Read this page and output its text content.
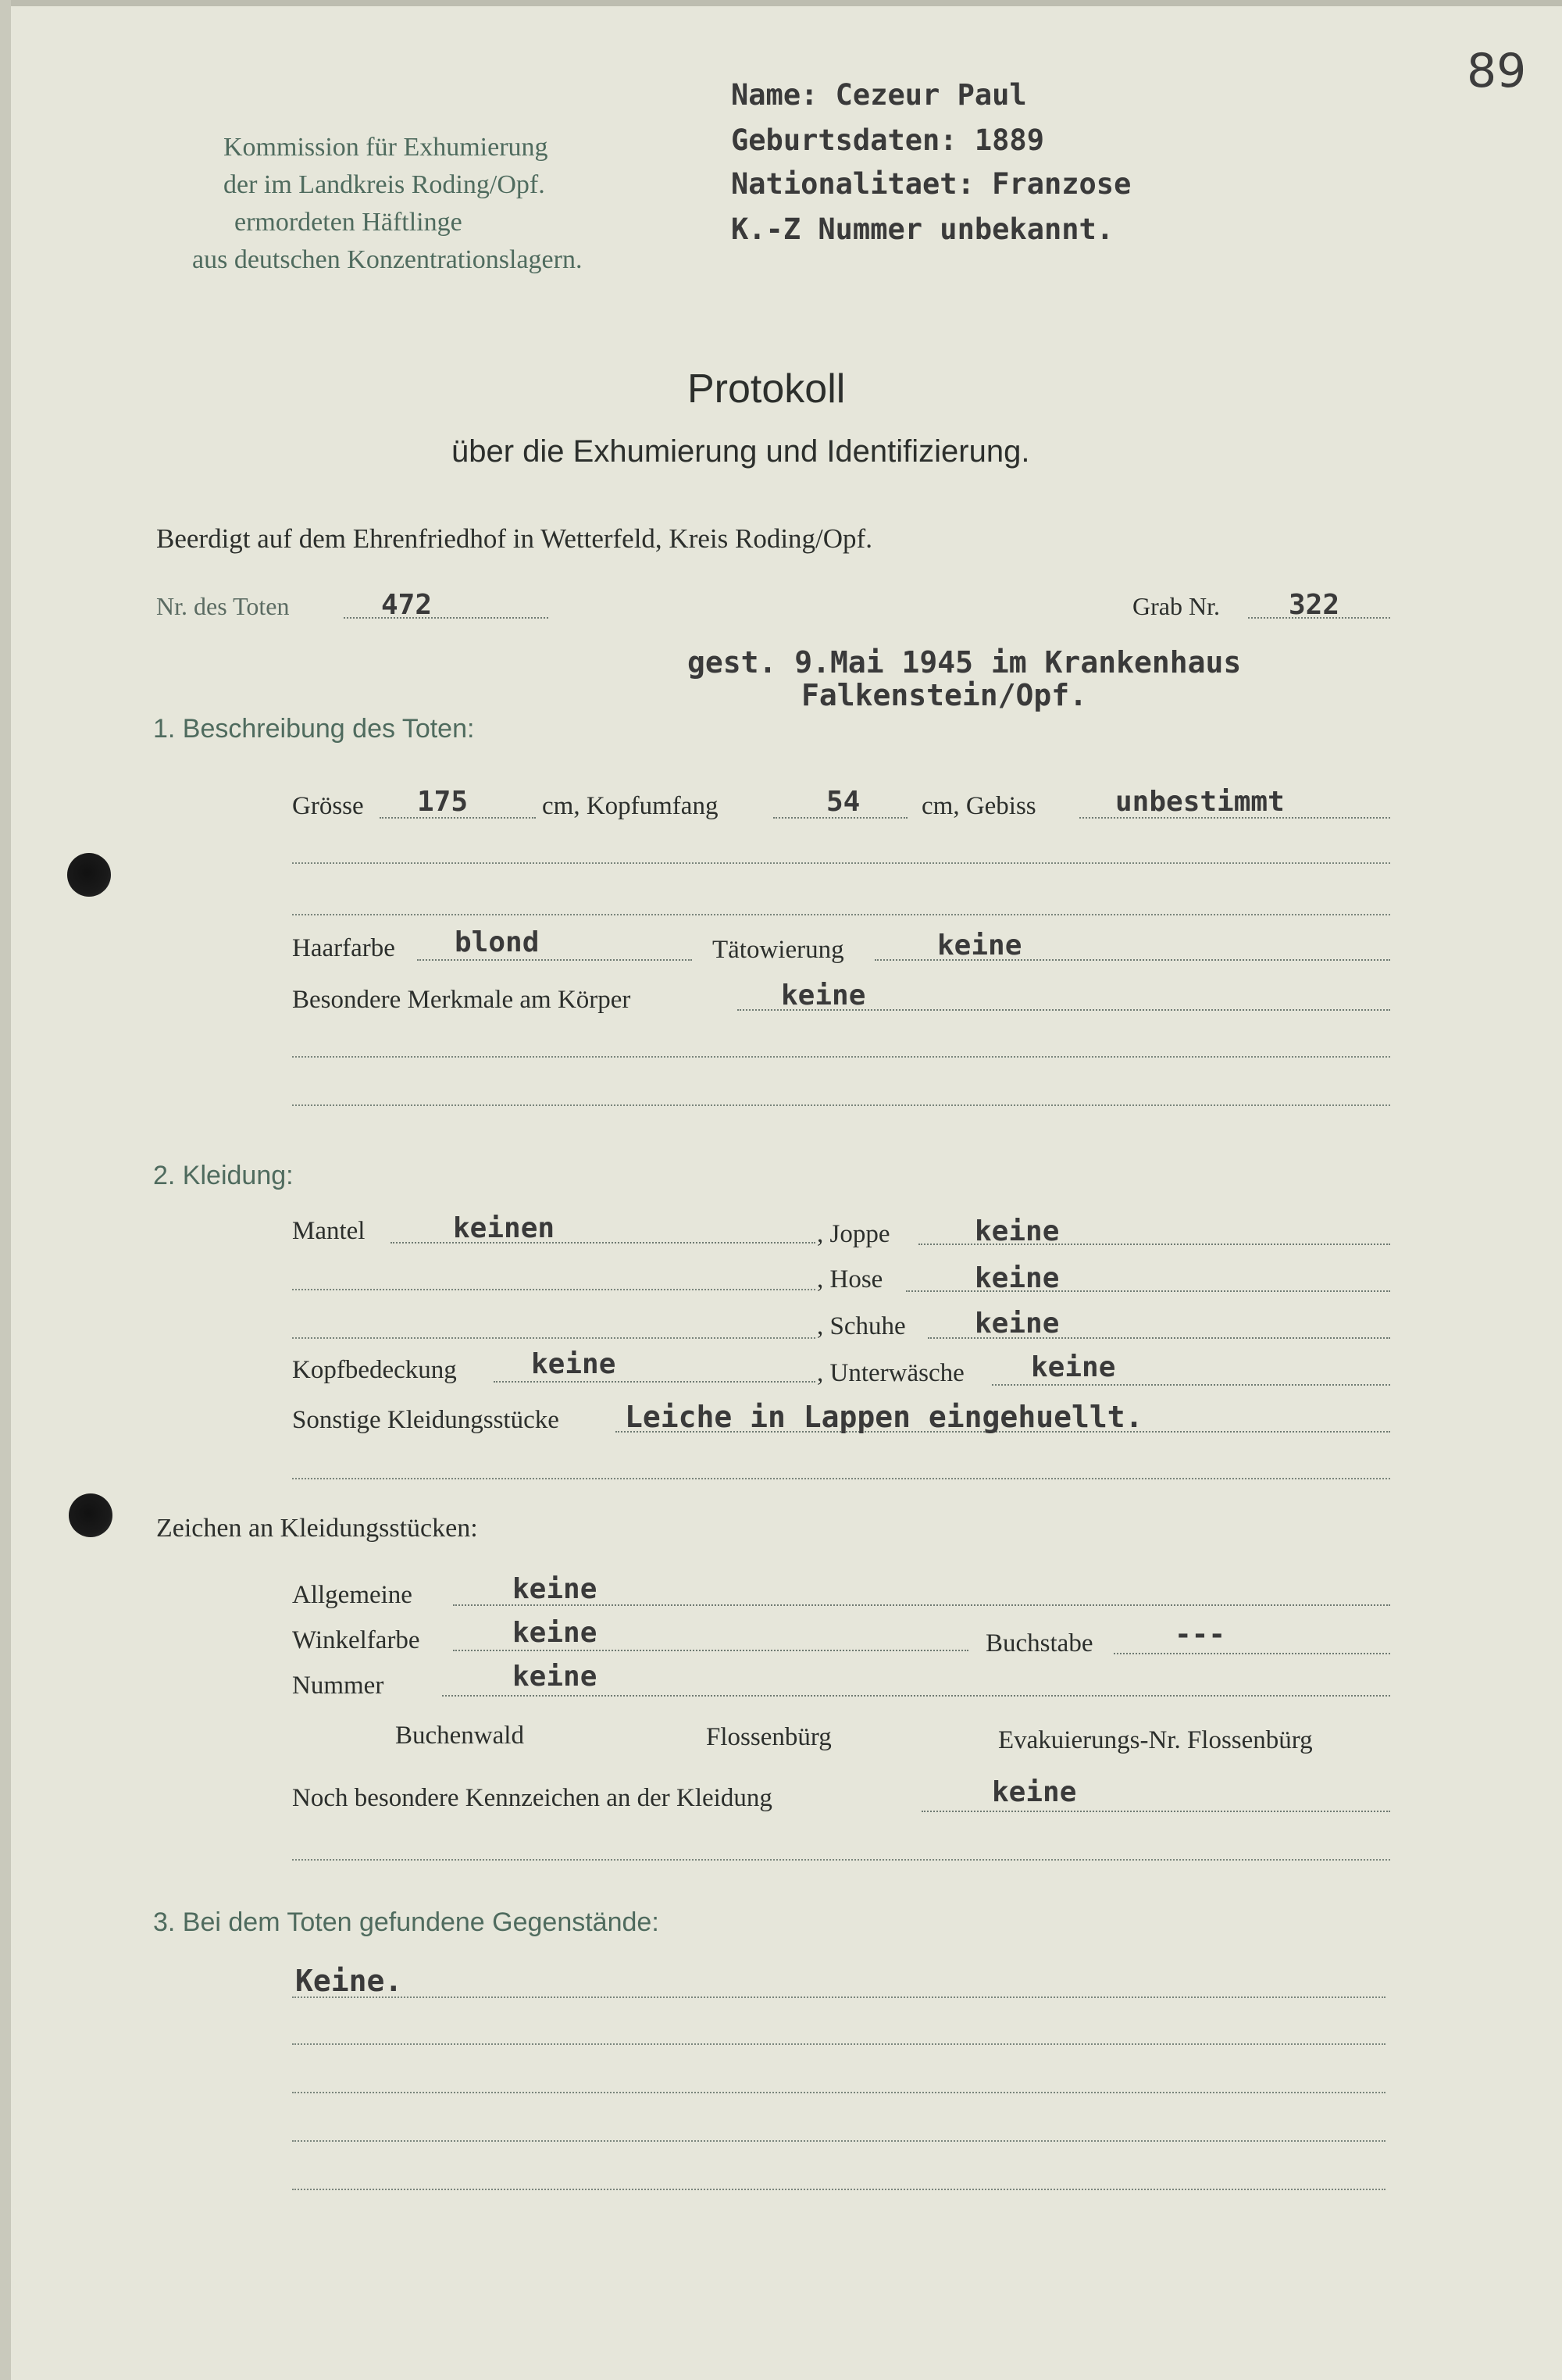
89
Kommission für Exhumierung
der im Landkreis Roding/Opf.
ermordeten Häftlinge
aus deutschen Konzentrationslagern.
Name: Cezeur Paul
Geburtsdaten: 1889
Nationalitaet: Franzose
K.-Z Nummer unbekannt.
Protokoll
über die Exhumierung und Identifizierung.
Beerdigt auf dem Ehrenfriedhof in Wetterfeld, Kreis Roding/Opf.
Nr. des Toten	472	Grab Nr. 322
gest. 9.Mai 1945 im Krankenhaus
Falkenstein/Opf.
1. Beschreibung des Toten:
Grösse 175	cm, Kopfumfang	54 cm, Gebiss	unbestimmt
Haarfarbe blond	Tätowierung	keine
Besondere Merkmale am Körper	keine
2. Kleidung:
Mantel	keinen	, Joppe	keine
, Hose	keine
, Schuhe keine
Kopfbedeckung	keine	, Unterwäsche keine
Sonstige Kleidungsstücke Leiche in Lappen eingehuellt.
Zeichen an Kleidungsstücken:
Allgemeine	keine
Winkelfarbe	keine	Buchstabe	---
Nummer	keine
Buchenwald	Flossenbürg	Evakuierungs-Nr. Flossenbürg
Noch besondere Kennzeichen an der Kleidung	keine
3. Bei dem Toten gefundene Gegenstände:
Keine.
